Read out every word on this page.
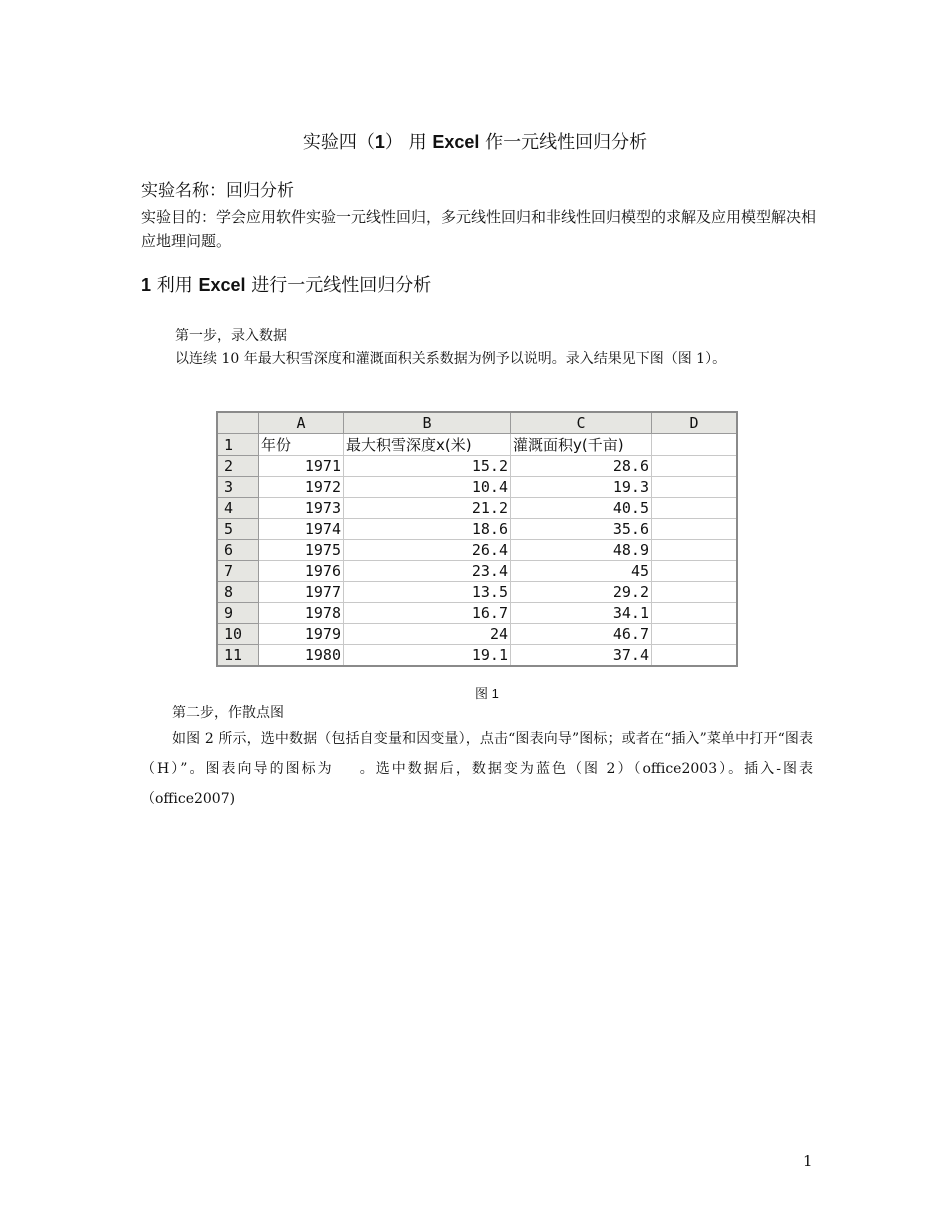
实验四（1） 用 Excel 作一元线性回归分析
实验名称：回归分析
实验目的：学会应用软件实验一元线性回归，多元线性回归和非线性回归模型的求解及应用模型解决相应地理问题。
1 利用 Excel 进行一元线性回归分析
第一步，录入数据
以连续 10 年最大积雪深度和灌溉面积关系数据为例予以说明。录入结果见下图（图 1）。
	A	B	C	D
1	年份	最大积雪深度x(米)	灌溉面积y(千亩)	
2	1971	15.2	28.6	
3	1972	10.4	19.3	
4	1973	21.2	40.5	
5	1974	18.6	35.6	
6	1975	26.4	48.9	
7	1976	23.4	45	
8	1977	13.5	29.2	
9	1978	16.7	34.1	
10	1979	24	46.7	
11	1980	19.1	37.4	
图 1
第二步，作散点图
如图 2 所示，选中数据（包括自变量和因变量），点击“图表向导”图标；或者在“插入”菜单中打开“图表（H）”。图表向导的图标为 。选中数据后，数据变为蓝色（图 2）（office2003）。插入-图表（office2007)
1
